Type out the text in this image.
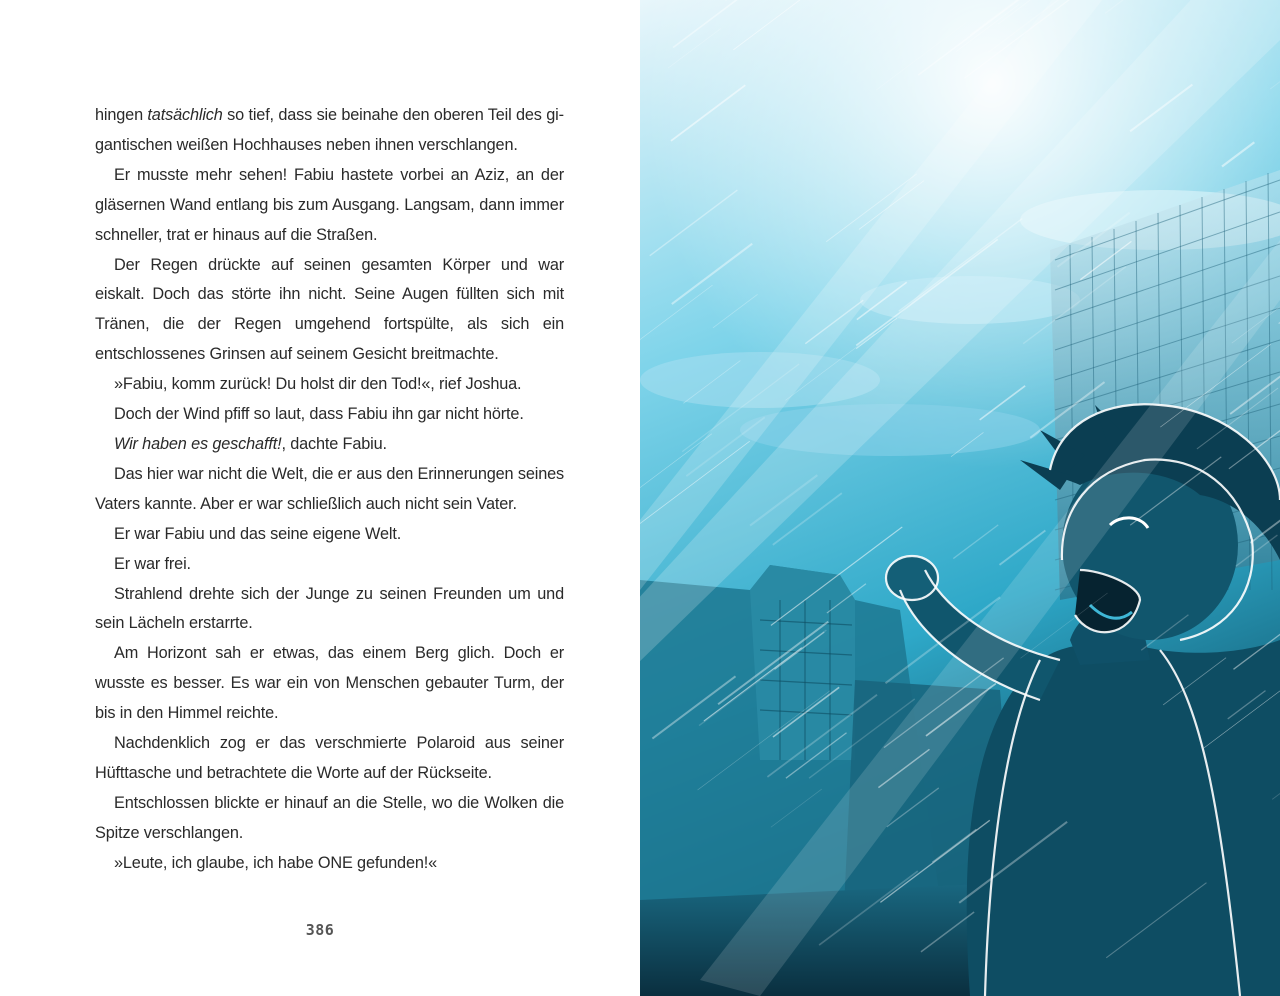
hingen tatsächlich so tief, dass sie beinahe den oberen Teil des gigantischen weißen Hochhauses neben ihnen verschlangen.

Er musste mehr sehen! Fabiu hastete vorbei an Aziz, an der gläsernen Wand entlang bis zum Ausgang. Langsam, dann immer schneller, trat er hinaus auf die Straßen.

Der Regen drückte auf seinen gesamten Körper und war eiskalt. Doch das störte ihn nicht. Seine Augen füllten sich mit Tränen, die der Regen umgehend fortspülte, als sich ein entschlossenes Grinsen auf seinem Gesicht breitmachte.

»Fabiu, komm zurück! Du holst dir den Tod!«, rief Joshua.

Doch der Wind pfiff so laut, dass Fabiu ihn gar nicht hörte.

Wir haben es geschafft!, dachte Fabiu.

Das hier war nicht die Welt, die er aus den Erinnerungen seines Vaters kannte. Aber er war schließlich auch nicht sein Vater.

Er war Fabiu und das seine eigene Welt.

Er war frei.

Strahlend drehte sich der Junge zu seinen Freunden um und sein Lächeln erstarrte.

Am Horizont sah er etwas, das einem Berg glich. Doch er wusste es besser. Es war ein von Menschen gebauter Turm, der bis in den Himmel reichte.

Nachdenklich zog er das verschmierte Polaroid aus seiner Hüfttasche und betrachtete die Worte auf der Rückseite.

Entschlossen blickte er hinauf an die Stelle, wo die Wolken die Spitze verschlangen.

»Leute, ich glaube, ich habe ONE gefunden!«

386
